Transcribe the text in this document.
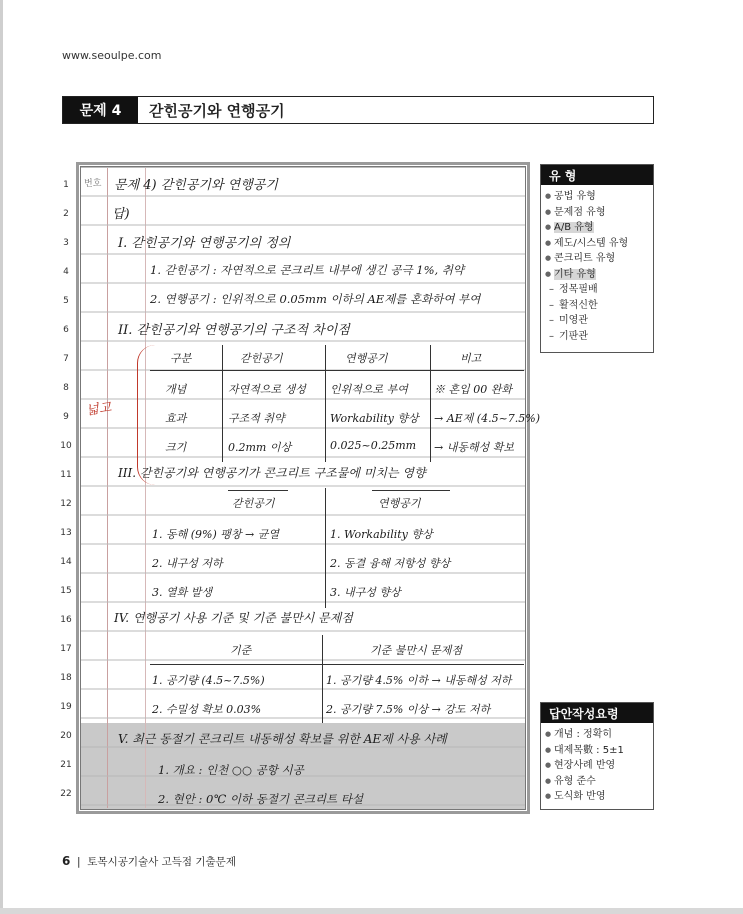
www.seoulpe.com
문제 4	갇힌공기와 연행공기
번호
1
2
3
4
5
6
7
8
9
10
11
12
13
14
15
16
17
18
19
20
21
22
문제 4) 갇힌공기와 연행공기
답)
I. 갇힌공기와 연행공기의 정의
1. 갇힌공기 : 자연적으로 콘크리트 내부에 생긴 공극 1%, 취약
2. 연행공기 : 인위적으로 0.05mm 이하의 AE제를 혼화하여 부여
II. 갇힌공기와 연행공기의 구조적 차이점
넓고
구분	갇힌공기	연행공기	비고
개념	자연적으로 생성	인위적으로 부여	※ 혼입 00 완화
효과	구조적 취약	Workability 향상	→ AE제 (4.5~7.5%)
크기	0.2mm 이상	0.025~0.25mm	→ 내동해성 확보
III. 갇힌공기와 연행공기가 콘크리트 구조물에 미치는 영향
갇힌공기	연행공기
1. 동해 (9%) 팽창 → 균열	1. Workability 향상
2. 내구성 저하	2. 동결 융해 저항성 향상
3. 열화 발생	3. 내구성 향상
IV. 연행공기 사용 기준 및 기준 불만시 문제점
기준	기준 불만시 문제점
1. 공기량 (4.5~7.5%)	1. 공기량 4.5% 이하 → 내동해성 저하
2. 수밀성 확보 0.03%	2. 공기량 7.5% 이상 → 강도 저하
V. 최근 동절기 콘크리트 내동해성 확보를 위한 AE제 사용 사례
1. 개요 : 인천 ○○ 공항 시공
2. 현안 : 0℃ 이하 동절기 콘크리트 타설
유 형
● 공법 유형
● 문제점 유형
● A/B 유형
● 제도/시스템 유형
● 콘크리트 유형
● 기타 유형
– 정목필배
– 활적신한
– 미영관
– 기판관
답안작성요령
● 개념 : 정확히
● 대제목數 : 5±1
● 현장사례 반영
● 유형 준수
● 도식화 반영
6 | 토목시공기술사 고득점 기출문제
